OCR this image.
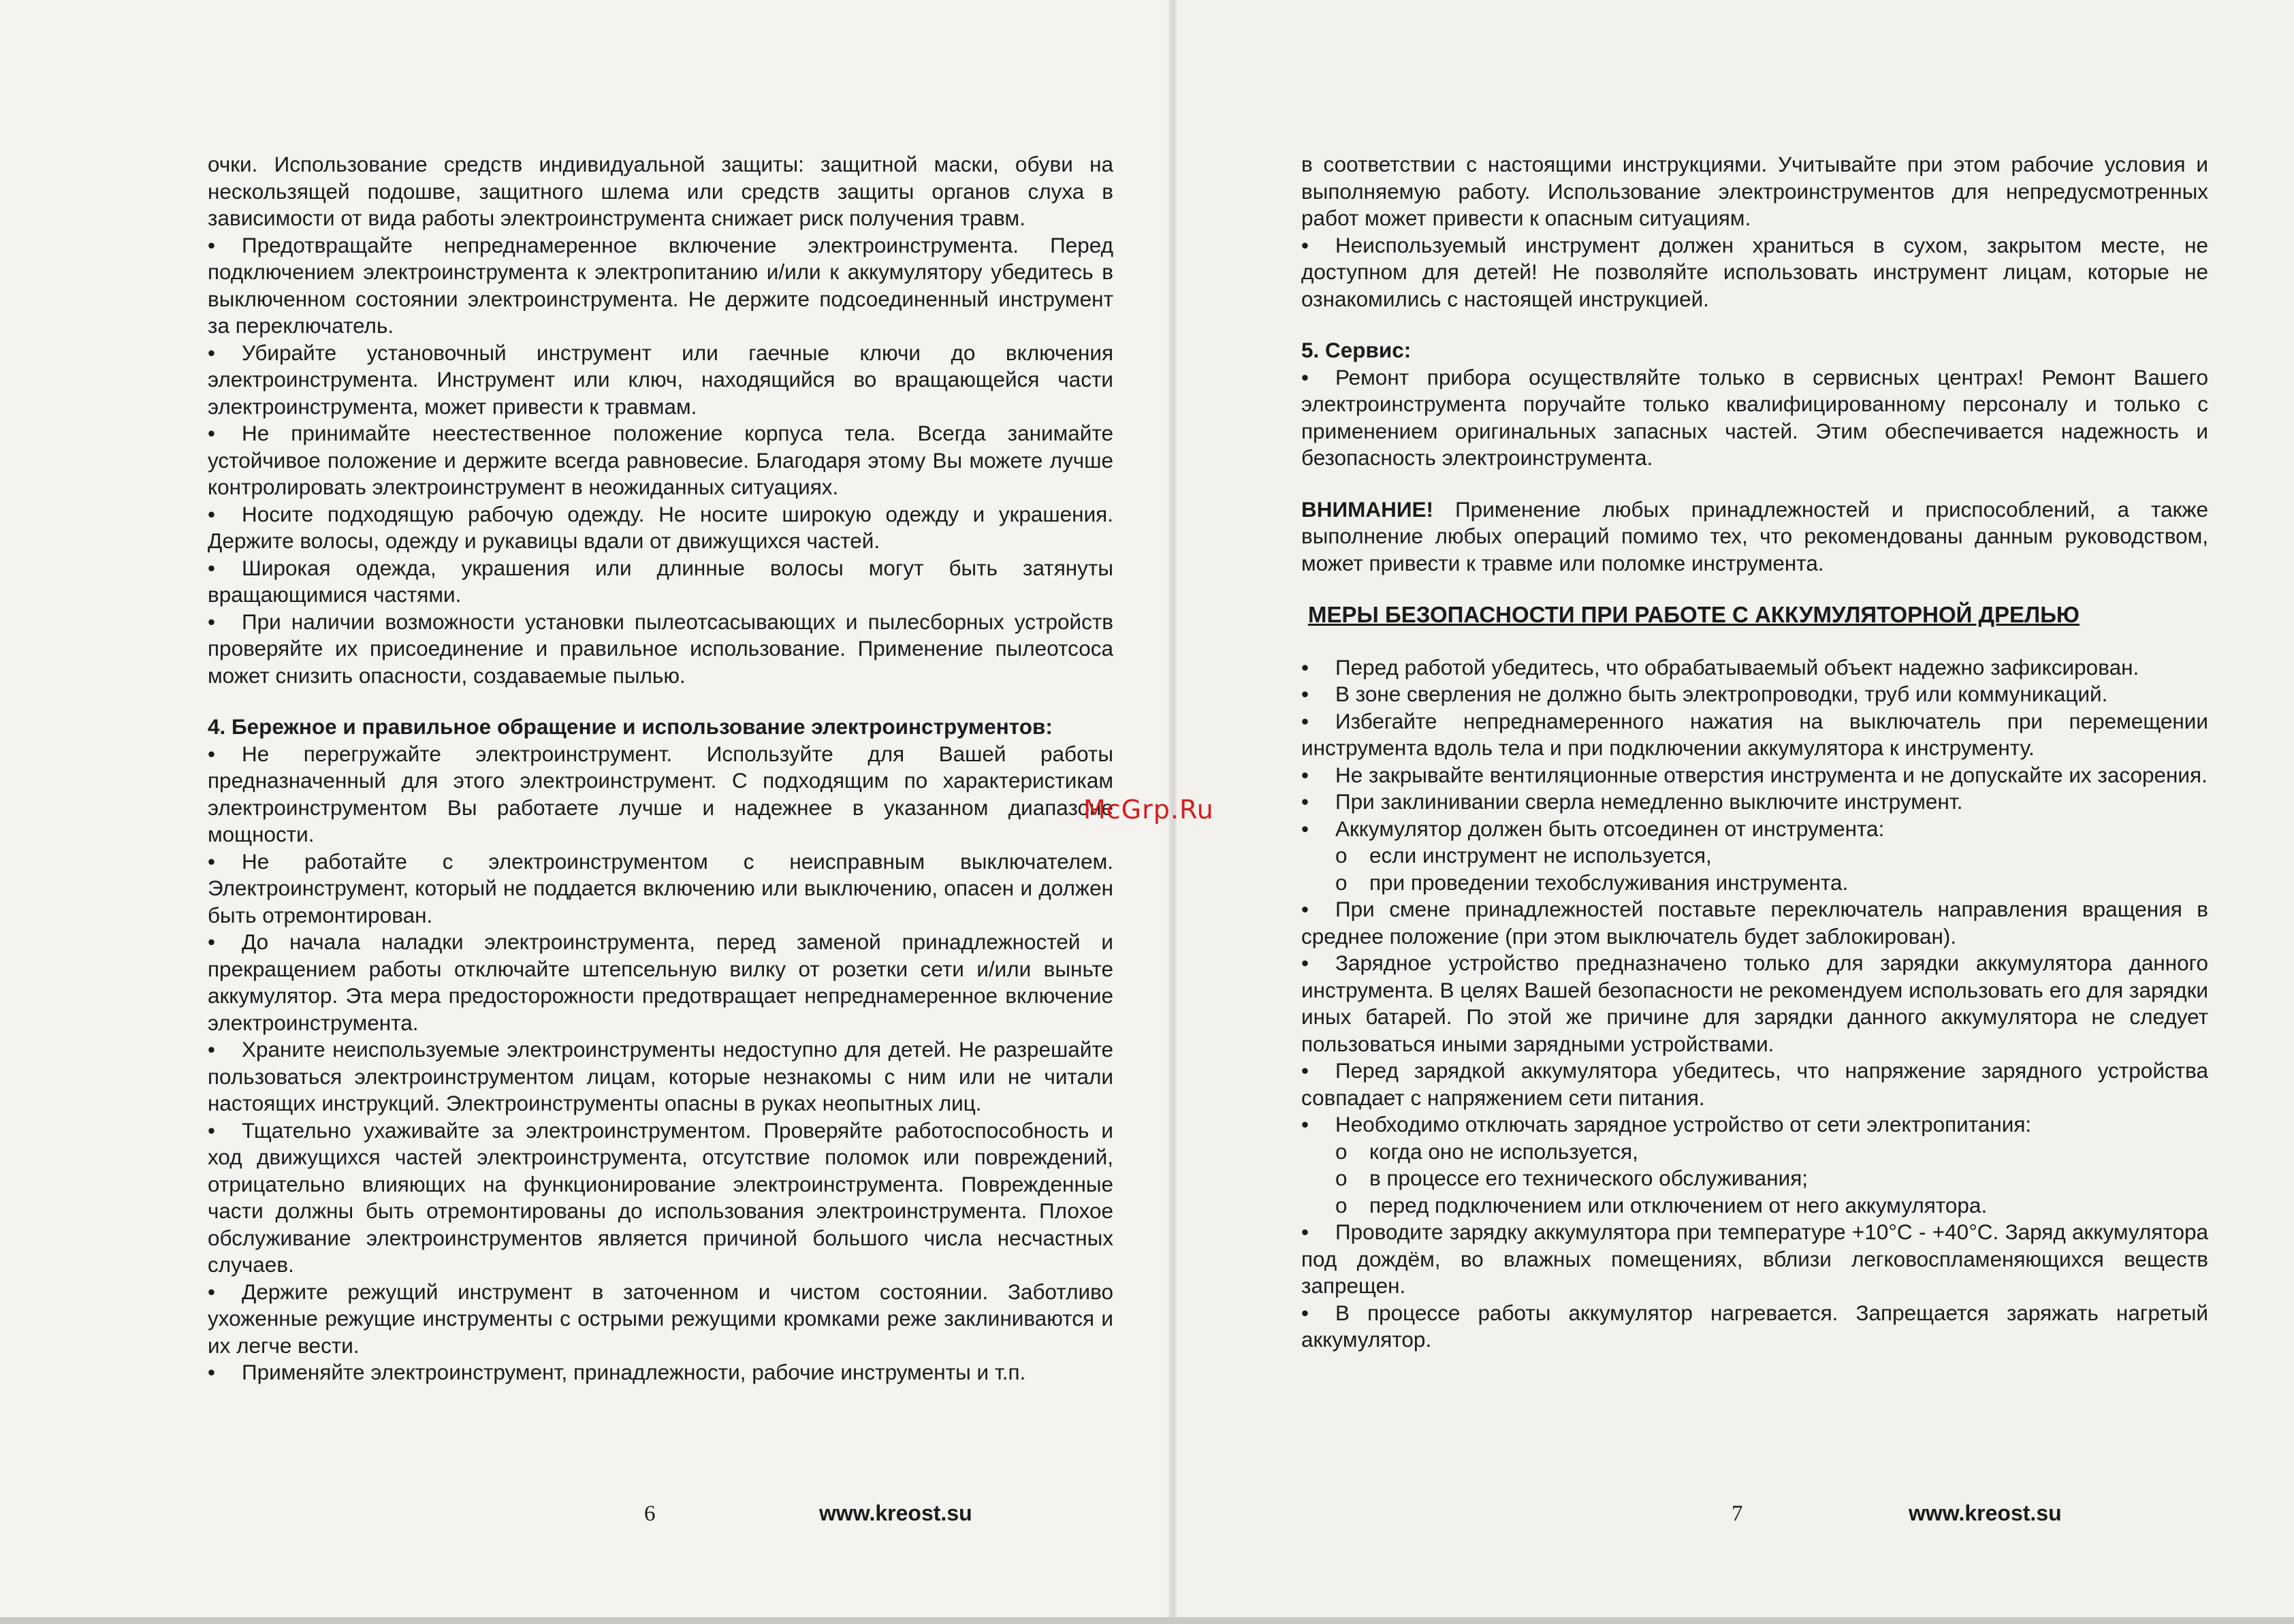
очки. Использование средств индивидуальной защиты: защитной маски, обуви на нескользящей подошве, защитного шлема или средств защиты органов слуха в зависимости от вида работы электроинструмента снижает риск получения травм.

• Предотвращайте непреднамеренное включение электроинструмента. Перед подключением электроинструмента к электропитанию и/или к аккумулятору убедитесь в выключенном состоянии электроинструмента. Не держите подсоединенный инструмент за переключатель.

• Убирайте установочный инструмент или гаечные ключи до включения электроинструмента. Инструмент или ключ, находящийся во вращающейся части электроинструмента, может привести к травмам.

• Не принимайте неестественное положение корпуса тела. Всегда занимайте устойчивое положение и держите всегда равновесие. Благодаря этому Вы можете лучше контролировать электроинструмент в неожиданных ситуациях.

• Носите подходящую рабочую одежду. Не носите широкую одежду и украшения. Держите волосы, одежду и рукавицы вдали от движущихся частей.

• Широкая одежда, украшения или длинные волосы могут быть затянуты вращающимися частями.

• При наличии возможности установки пылеотсасывающих и пылесборных устройств проверяйте их присоединение и правильное использование. Применение пылеотсоса может снизить опасности, создаваемые пылью.

4. Бережное и правильное обращение и использование электроинструментов:

• Не перегружайте электроинструмент. Используйте для Вашей работы предназначенный для этого электроинструмент. С подходящим по характеристикам электроинструментом Вы работаете лучше и надежнее в указанном диапазоне мощности.

• Не работайте с электроинструментом с неисправным выключателем. Электроинструмент, который не поддается включению или выключению, опасен и должен быть отремонтирован.

• До начала наладки электроинструмента, перед заменой принадлежностей и прекращением работы отключайте штепсельную вилку от розетки сети и/или выньте аккумулятор. Эта мера предосторожности предотвращает непреднамеренное включение электроинструмента.

• Храните неиспользуемые электроинструменты недоступно для детей. Не разрешайте пользоваться электроинструментом лицам, которые незнакомы с ним или не читали настоящих инструкций. Электроинструменты опасны в руках неопытных лиц.

• Тщательно ухаживайте за электроинструментом. Проверяйте работоспособность и ход движущихся частей электроинструмента, отсутствие поломок или повреждений, отрицательно влияющих на функционирование электроинструмента. Поврежденные части должны быть отремонтированы до использования электроинструмента. Плохое обслуживание электроинструментов является причиной большого числа несчастных случаев.

• Держите режущий инструмент в заточенном и чистом состоянии. Заботливо ухоженные режущие инструменты с острыми режущими кромками реже заклиниваются и их легче вести.

• Применяйте электроинструмент, принадлежности, рабочие инструменты и т.п.

6	www.kreost.su

в соответствии с настоящими инструкциями. Учитывайте при этом рабочие условия и выполняемую работу. Использование электроинструментов для непредусмотренных работ может привести к опасным ситуациям.

• Неиспользуемый инструмент должен храниться в сухом, закрытом месте, не доступном для детей! Не позволяйте использовать инструмент лицам, которые не ознакомились с настоящей инструкцией.

5. Сервис:

• Ремонт прибора осуществляйте только в сервисных центрах! Ремонт Вашего электроинструмента поручайте только квалифицированному персоналу и только с применением оригинальных запасных частей. Этим обеспечивается надежность и безопасность электроинструмента.

ВНИМАНИЕ! Применение любых принадлежностей и приспособлений, а также выполнение любых операций помимо тех, что рекомендованы данным руководством, может привести к травме или поломке инструмента.

МЕРЫ БЕЗОПАСНОСТИ ПРИ РАБОТЕ С АККУМУЛЯТОРНОЙ ДРЕЛЬЮ

• Перед работой убедитесь, что обрабатываемый объект надежно зафиксирован.

• В зоне сверления не должно быть электропроводки, труб или коммуникаций.

• Избегайте непреднамеренного нажатия на выключатель при перемещении инструмента вдоль тела и при подключении аккумулятора к инструменту.

• Не закрывайте вентиляционные отверстия инструмента и не допускайте их засорения.

• При заклинивании сверла немедленно выключите инструмент.

• Аккумулятор должен быть отсоединен от инструмента:

o если инструмент не используется,

o при проведении техобслуживания инструмента.

• При смене принадлежностей поставьте переключатель направления вращения в среднее положение (при этом выключатель будет заблокирован).

• Зарядное устройство предназначено только для зарядки аккумулятора данного инструмента. В целях Вашей безопасности не рекомендуем использовать его для зарядки иных батарей. По этой же причине для зарядки данного аккумулятора не следует пользоваться иными зарядными устройствами.

• Перед зарядкой аккумулятора убедитесь, что напряжение зарядного устройства совпадает с напряжением сети питания.

• Необходимо отключать зарядное устройство от сети электропитания:

o когда оно не используется,

o в процессе его технического обслуживания;

o перед подключением или отключением от него аккумулятора.

• Проводите зарядку аккумулятора при температуре +10°С - +40°С. Заряд аккумулятора под дождём, во влажных помещениях, вблизи легковоспламеняющихся веществ запрещен.

• В процессе работы аккумулятор нагревается. Запрещается заряжать нагретый аккумулятор.

7	www.kreost.su
McGrp.Ru
